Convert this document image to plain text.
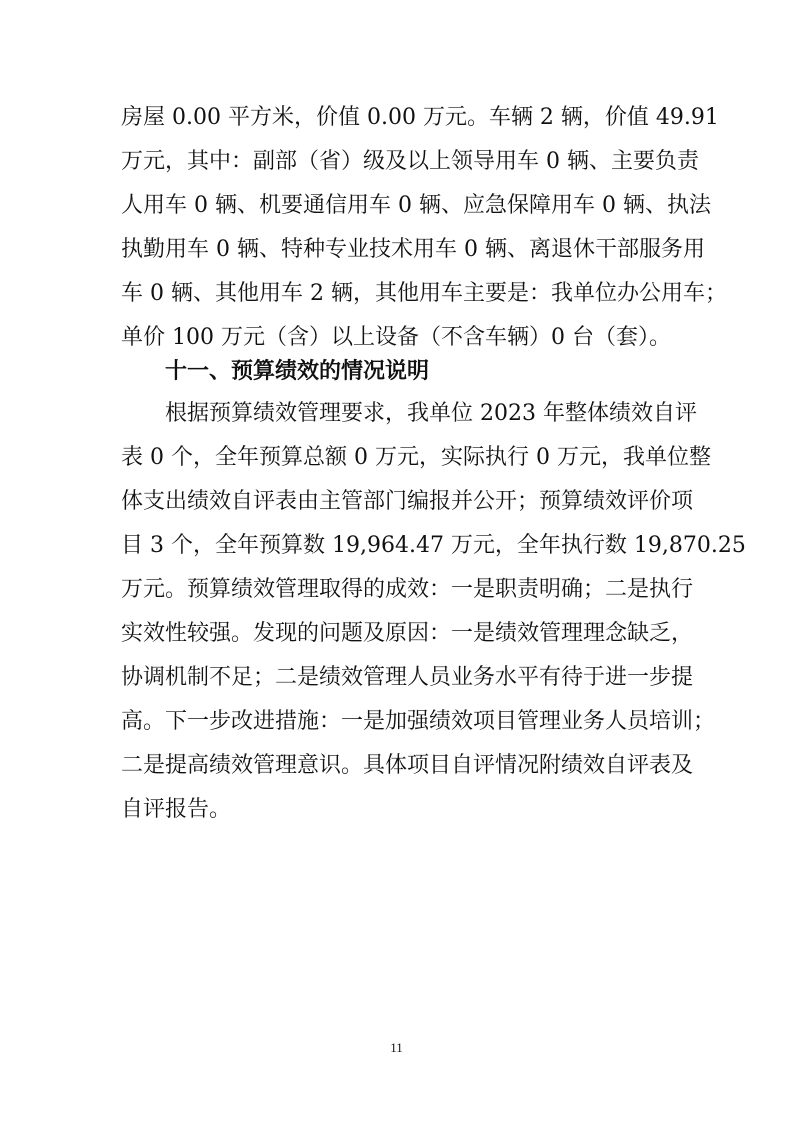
房屋 0.00 平方米，价值 0.00 万元。车辆 2 辆，价值 49.91
万元，其中：副部（省）级及以上领导用车 0 辆、主要负责
人用车 0 辆、机要通信用车 0 辆、应急保障用车 0 辆、执法
执勤用车 0 辆、特种专业技术用车 0 辆、离退休干部服务用
车 0 辆、其他用车 2 辆，其他用车主要是：我单位办公用车；
单价 100 万元（含）以上设备（不含车辆）0 台（套）。
十一、预算绩效的情况说明
根据预算绩效管理要求，我单位 2023 年整体绩效自评
表 0 个，全年预算总额 0 万元，实际执行 0 万元，我单位整
体支出绩效自评表由主管部门编报并公开；预算绩效评价项
目 3 个，全年预算数 19,964.47 万元，全年执行数 19,870.25
万元。预算绩效管理取得的成效：一是职责明确；二是执行
实效性较强。发现的问题及原因：一是绩效管理理念缺乏，
协调机制不足；二是绩效管理人员业务水平有待于进一步提
高。下一步改进措施：一是加强绩效项目管理业务人员培训；
二是提高绩效管理意识。具体项目自评情况附绩效自评表及
自评报告。
11
